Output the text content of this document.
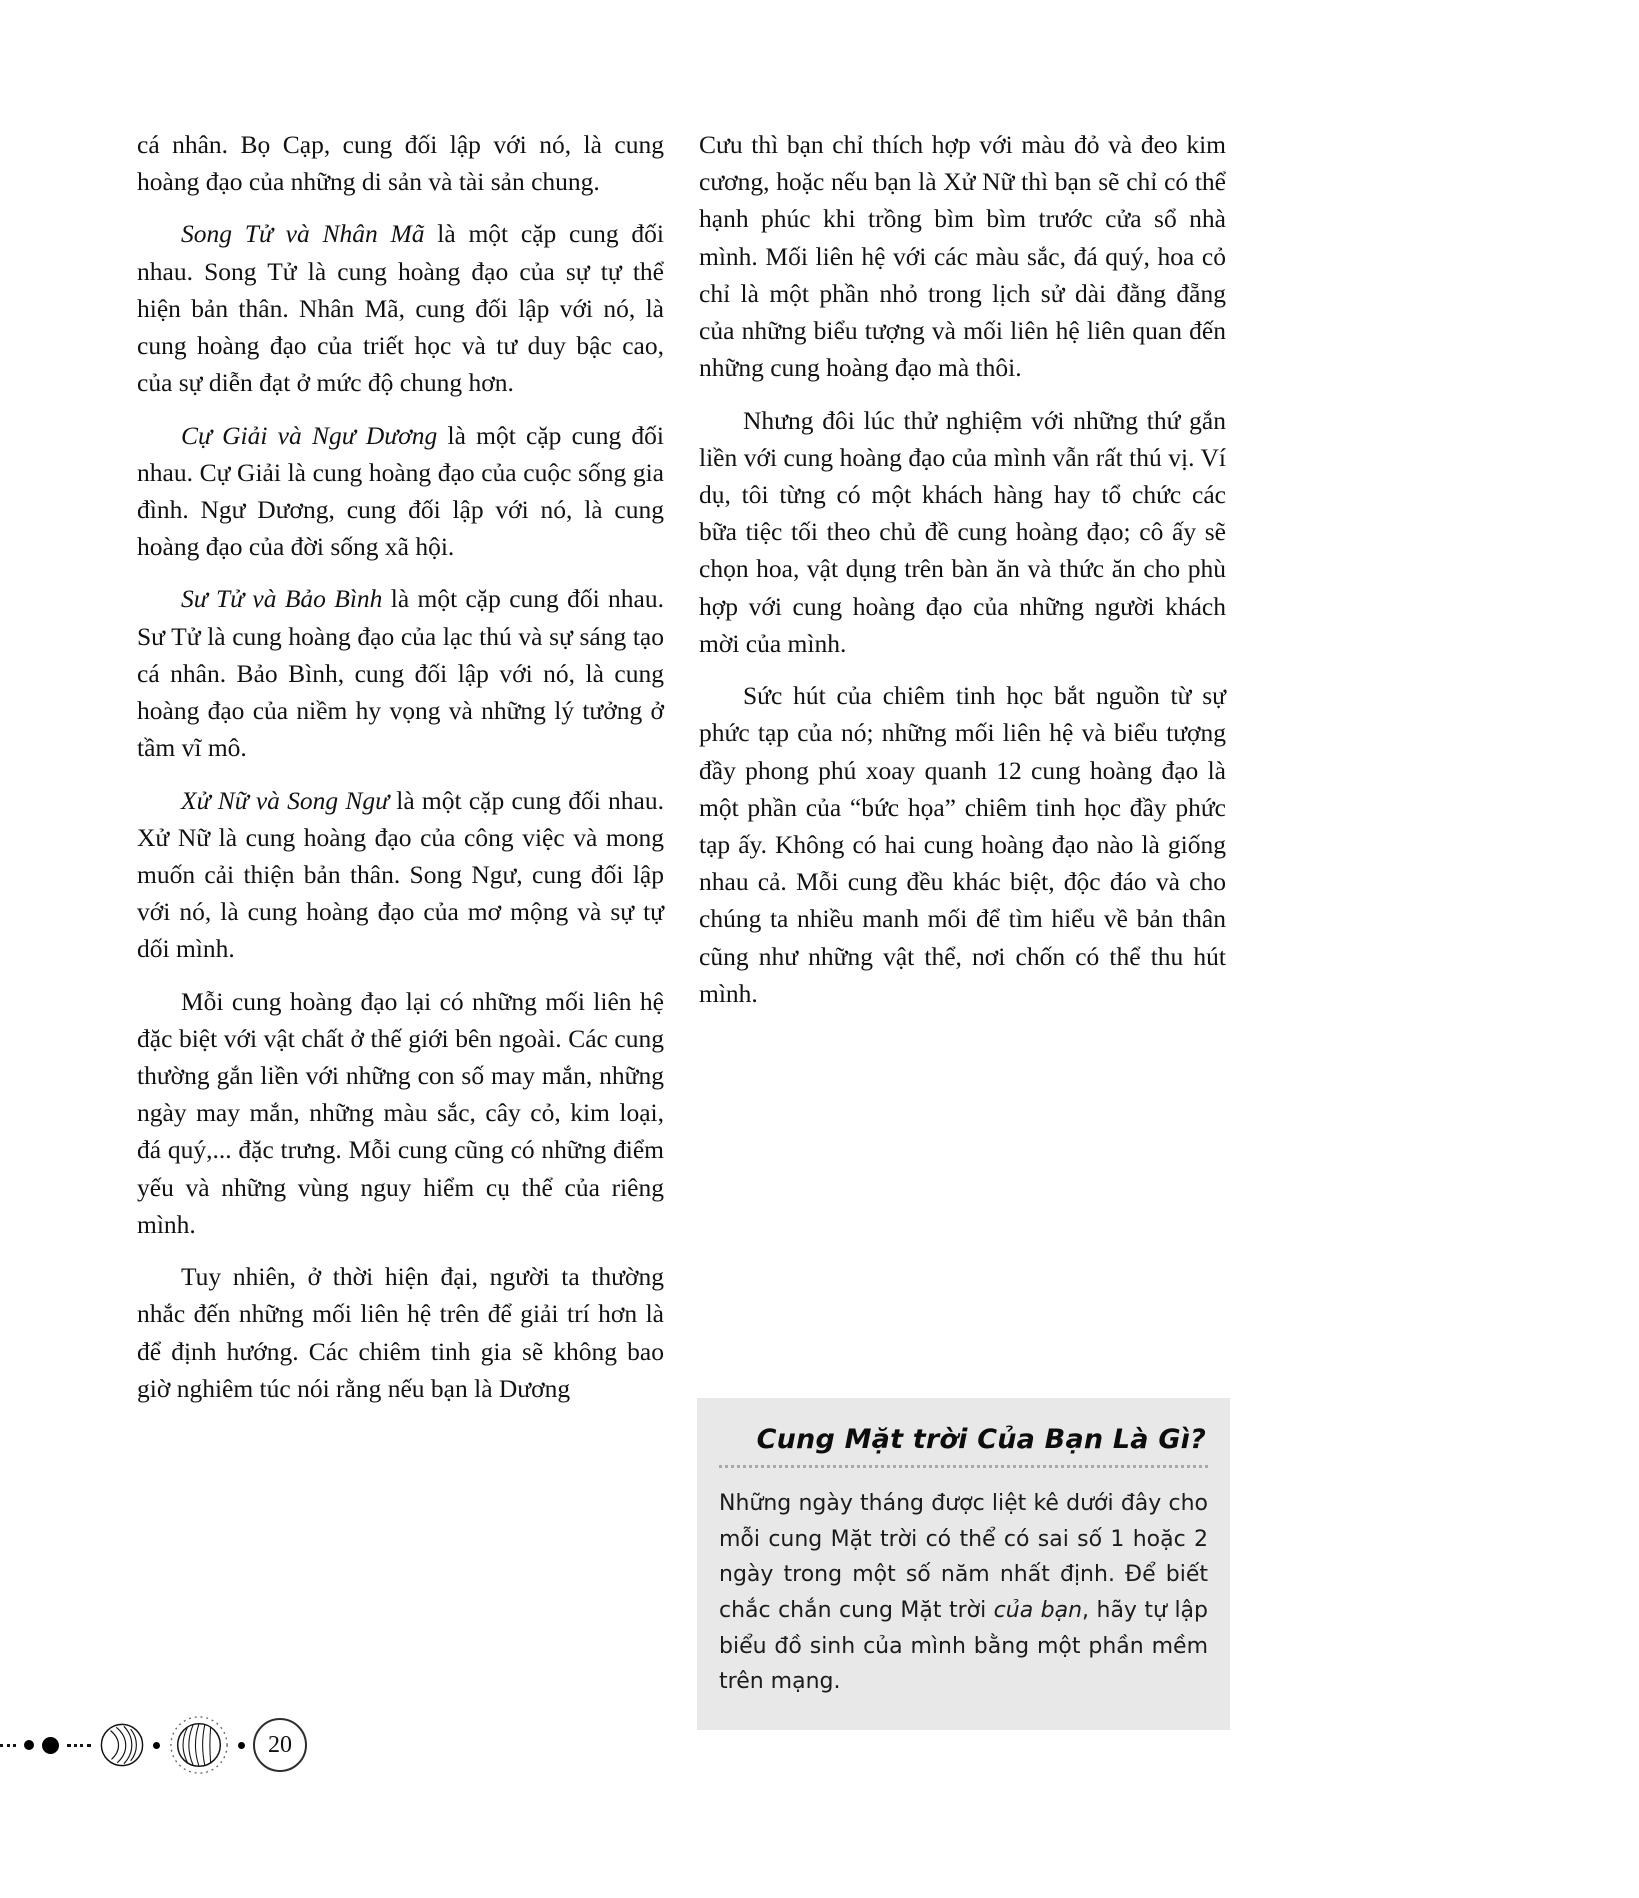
cá nhân. Bọ Cạp, cung đối lập với nó, là cung hoàng đạo của những di sản và tài sản chung.

Song Tử và Nhân Mã là một cặp cung đối nhau. Song Tử là cung hoàng đạo của sự tự thể hiện bản thân. Nhân Mã, cung đối lập với nó, là cung hoàng đạo của triết học và tư duy bậc cao, của sự diễn đạt ở mức độ chung hơn.

Cự Giải và Ngư Dương là một cặp cung đối nhau. Cự Giải là cung hoàng đạo của cuộc sống gia đình. Ngư Dương, cung đối lập với nó, là cung hoàng đạo của đời sống xã hội.

Sư Tử và Bảo Bình là một cặp cung đối nhau. Sư Tử là cung hoàng đạo của lạc thú và sự sáng tạo cá nhân. Bảo Bình, cung đối lập với nó, là cung hoàng đạo của niềm hy vọng và những lý tưởng ở tầm vĩ mô.

Xử Nữ và Song Ngư là một cặp cung đối nhau. Xử Nữ là cung hoàng đạo của công việc và mong muốn cải thiện bản thân. Song Ngư, cung đối lập với nó, là cung hoàng đạo của mơ mộng và sự tự dối mình.

Mỗi cung hoàng đạo lại có những mối liên hệ đặc biệt với vật chất ở thế giới bên ngoài. Các cung thường gắn liền với những con số may mắn, những ngày may mắn, những màu sắc, cây cỏ, kim loại, đá quý,... đặc trưng. Mỗi cung cũng có những điểm yếu và những vùng nguy hiểm cụ thể của riêng mình.

Tuy nhiên, ở thời hiện đại, người ta thường nhắc đến những mối liên hệ trên để giải trí hơn là để định hướng. Các chiêm tinh gia sẽ không bao giờ nghiêm túc nói rằng nếu bạn là Dương

Cưu thì bạn chỉ thích hợp với màu đỏ và đeo kim cương, hoặc nếu bạn là Xử Nữ thì bạn sẽ chỉ có thể hạnh phúc khi trồng bìm bìm trước cửa sổ nhà mình. Mối liên hệ với các màu sắc, đá quý, hoa cỏ chỉ là một phần nhỏ trong lịch sử dài đằng đẵng của những biểu tượng và mối liên hệ liên quan đến những cung hoàng đạo mà thôi.

Nhưng đôi lúc thử nghiệm với những thứ gắn liền với cung hoàng đạo của mình vẫn rất thú vị. Ví dụ, tôi từng có một khách hàng hay tổ chức các bữa tiệc tối theo chủ đề cung hoàng đạo; cô ấy sẽ chọn hoa, vật dụng trên bàn ăn và thức ăn cho phù hợp với cung hoàng đạo của những người khách mời của mình.

Sức hút của chiêm tinh học bắt nguồn từ sự phức tạp của nó; những mối liên hệ và biểu tượng đầy phong phú xoay quanh 12 cung hoàng đạo là một phần của “bức họa” chiêm tinh học đầy phức tạp ấy. Không có hai cung hoàng đạo nào là giống nhau cả. Mỗi cung đều khác biệt, độc đáo và cho chúng ta nhiều manh mối để tìm hiểu về bản thân cũng như những vật thể, nơi chốn có thể thu hút mình.

Cung Mặt trời Của Bạn Là Gì?

Những ngày tháng được liệt kê dưới đây cho mỗi cung Mặt trời có thể có sai số 1 hoặc 2 ngày trong một số năm nhất định. Để biết chắc chắn cung Mặt trời của bạn, hãy tự lập biểu đồ sinh của mình bằng một phần mềm trên mạng.

20
